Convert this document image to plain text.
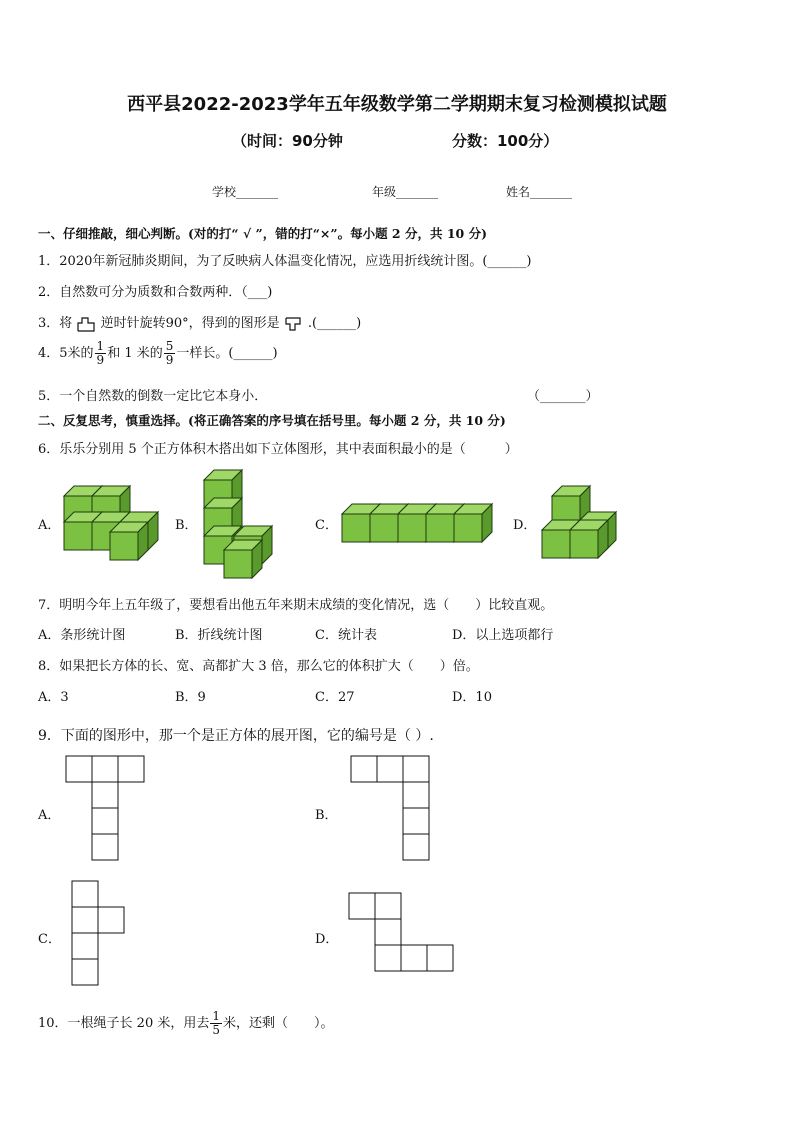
西平县2022-2023学年五年级数学第二学期期末复习检测模拟试题
（时间：90分钟	分数：100分）
学校_______	年级_______	姓名_______
一、仔细推敲，细心判断。(对的打“ √ ”，错的打“×”。每小题 2 分，共 10 分)
1．2020年新冠肺炎期间，为了反映病人体温变化情况，应选用折线统计图。(______)
2．自然数可分为质数和合数两种．（___)
3．将 逆时针旋转90°，得到的图形是 .(______)
4．5米的 $\frac{1}{9}$ 和 1 米的 $\frac{5}{9}$ 一样长。(______)
5．一个自然数的倒数一定比它本身小．	（_______）
二、反复思考，慎重选择。(将正确答案的序号填在括号里。每小题 2 分，共 10 分)
6．乐乐分别用 5 个正方体积木搭出如下立体图形，其中表面积最小的是（　　　）
A．	B．	C．	D．
7．明明今年上五年级了，要想看出他五年来期末成绩的变化情况，选（　　）比较直观。
A．条形统计图	B．折线统计图	C．统计表	D．以上选项都行
8．如果把长方体的长、宽、高都扩大 3 倍，那么它的体积扩大（　　）倍。
A．3	B．9	C．27	D．10
9．下面的图形中，那一个是正方体的展开图，它的编号是（ ）.
A．	B．
C．	D．
10．一根绳子长 20 米，用去 $\frac{1}{5}$ 米，还剩（　　）。
